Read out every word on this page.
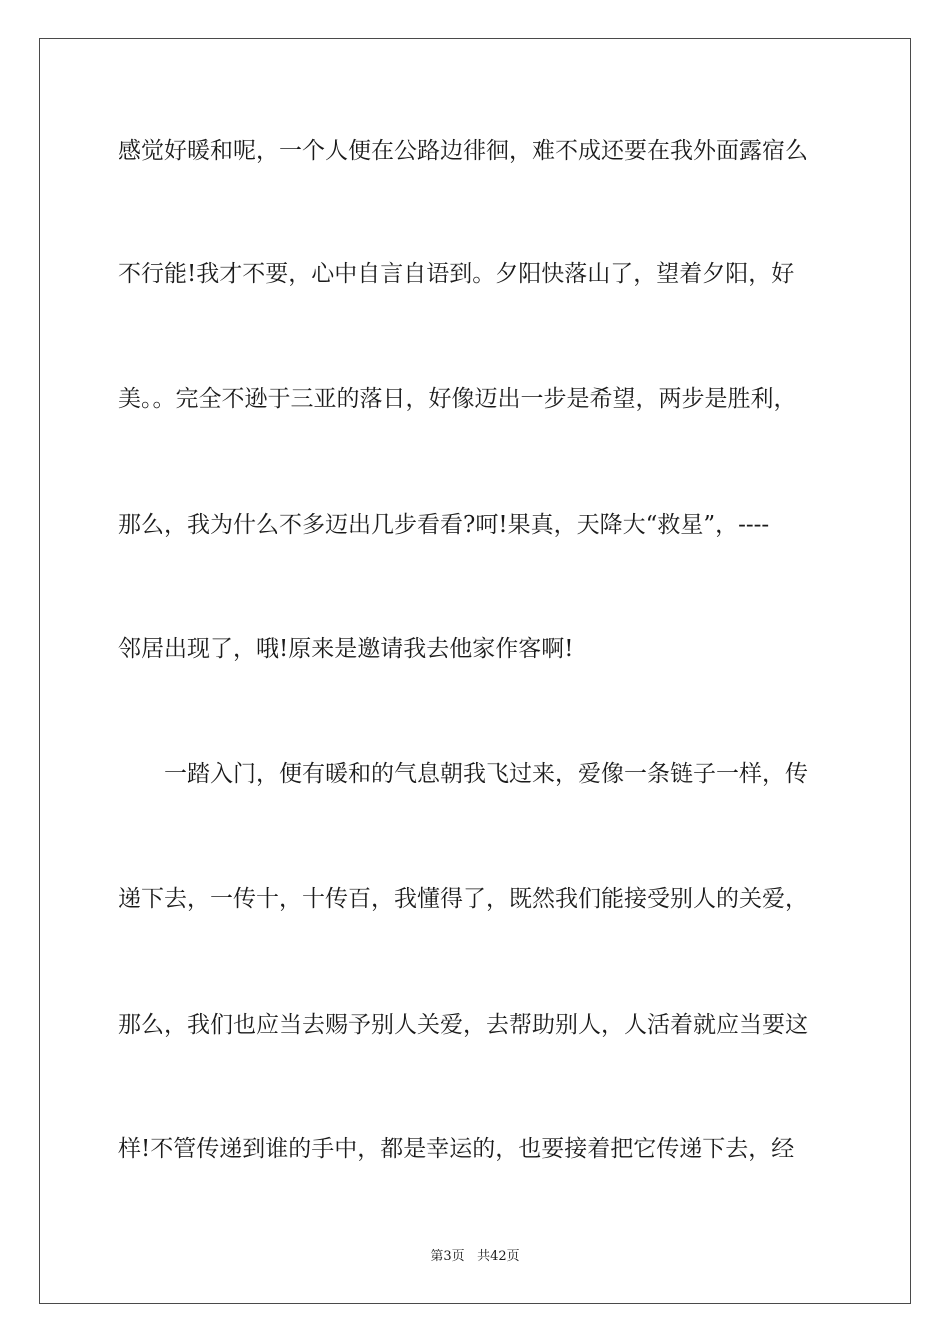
感觉好暖和呢，一个人便在公路边徘徊，难不成还要在我外面露宿么
不行能!我才不要，心中自言自语到。夕阳快落山了，望着夕阳，好
美。。完全不逊于三亚的落日，好像迈出一步是希望，两步是胜利，
那么，我为什么不多迈出几步看看?呵!果真，天降大“救星”，----
邻居出现了，哦!原来是邀请我去他家作客啊!
　　一踏入门，便有暖和的气息朝我飞过来，爱像一条链子一样，传
递下去，一传十，十传百，我懂得了，既然我们能接受别人的关爱，
那么，我们也应当去赐予别人关爱，去帮助别人，人活着就应当要这
样!不管传递到谁的手中，都是幸运的，也要接着把它传递下去，经
第3页 共42页
